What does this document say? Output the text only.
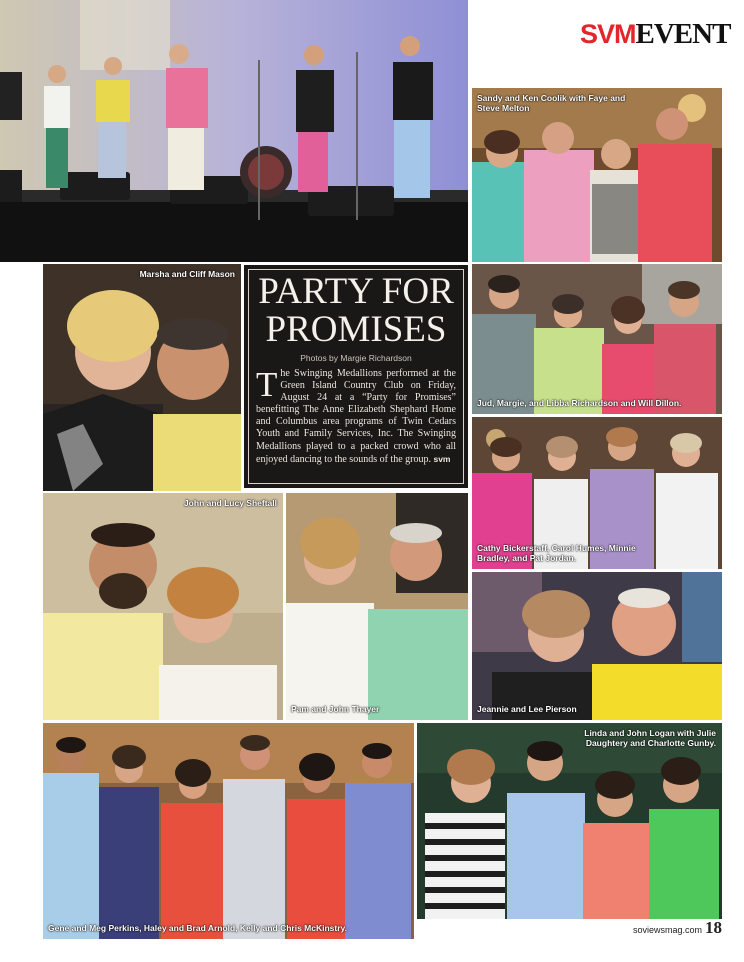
SVMEVENT
Sandy and Ken Coolik with Faye and Steve Melton
Marsha and Cliff Mason PARTY FOR
PROMISES
Photos by Margie Richardson
The Swinging Medallions performed at the Green Island Country Club on Friday, August 24 at a “Party for Promises” benefitting The Anne Elizabeth Shephard Home and Columbus area programs of Twin Cedars Youth and Family Services, Inc. The Swinging Medallions played to a packed crowd who all enjoyed dancing to the sounds of the group. svm
Jud, Margie, and Libba Richardson and Will Dillon.
Cathy Bickerstaff, Carol Humes, Minnie Bradley, and Pat Jordan.
John and Lucy Sheftall
Pam and John Thayer	Jeannie and Lee Pierson
Gene and Meg Perkins, Haley and Brad Arnold, Kelly and Chris McKinstry.
Linda and John Logan with Julie Daughtery and Charlotte Gunby.
soviewsmag.com 18
